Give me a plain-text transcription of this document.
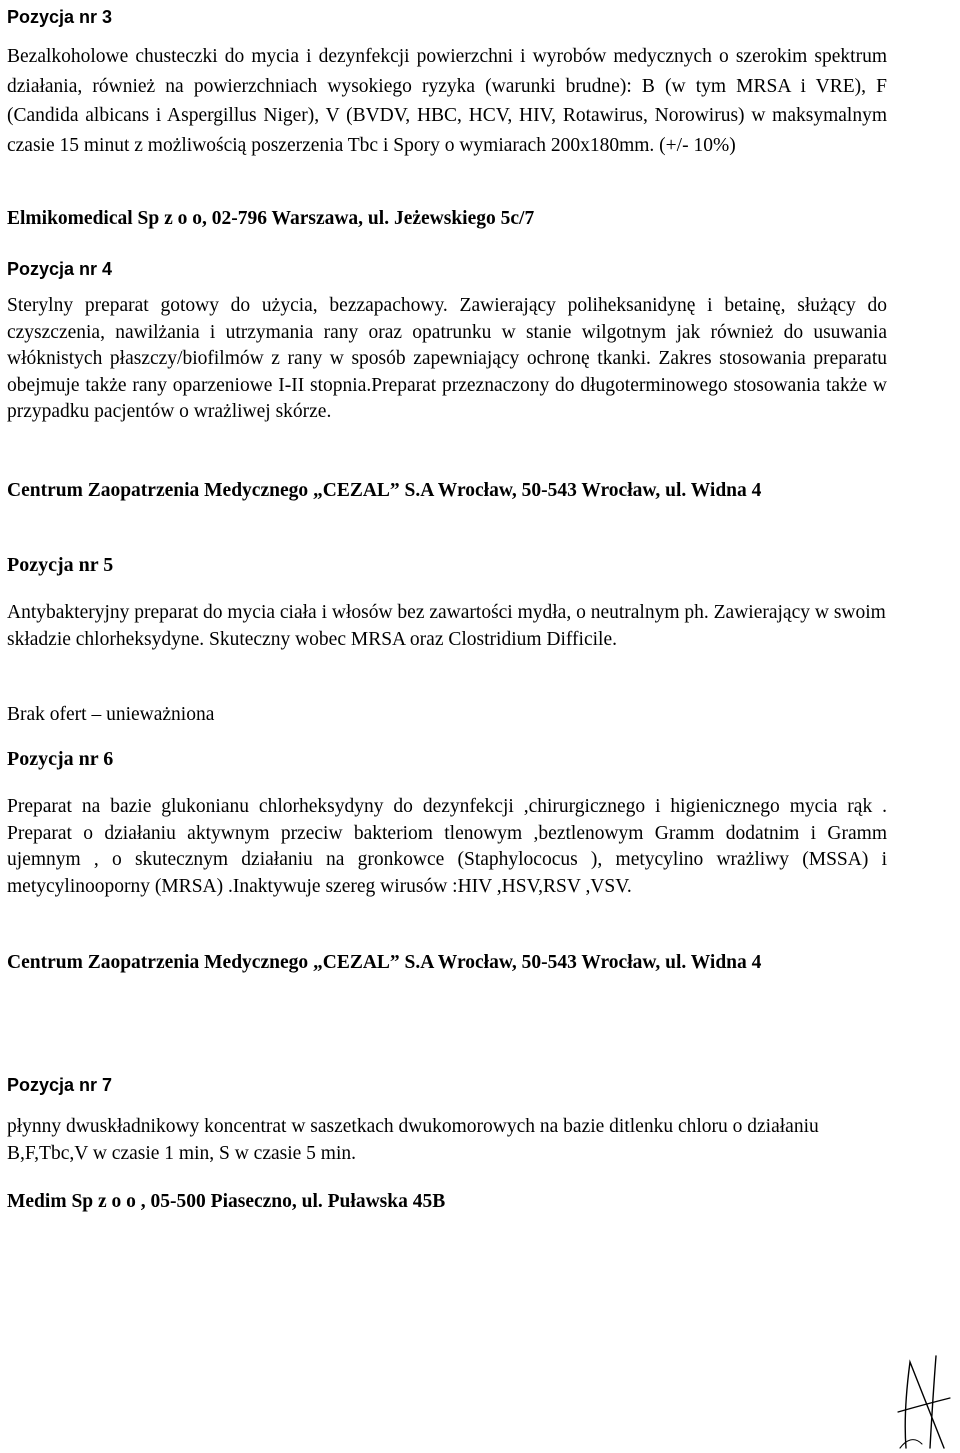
Pozycja nr 3

Bezalkoholowe chusteczki do mycia i dezynfekcji powierzchni i wyrobów medycznych o szerokim spektrum działania, również na powierzchniach wysokiego ryzyka (warunki brudne): B (w tym MRSA i VRE), F (Candida albicans i Aspergillus Niger), V (BVDV, HBC, HCV, HIV, Rotawirus, Norowirus) w maksymalnym czasie 15 minut z możliwością poszerzenia Tbc i Spory o wymiarach 200x180mm. (+/- 10%)

Elmikomedical Sp z o o, 02-796 Warszawa, ul. Jeżewskiego 5c/7
Pozycja nr 4

Sterylny preparat gotowy do użycia, bezzapachowy. Zawierający poliheksanidynę i betainę, służący do czyszczenia, nawilżania i utrzymania rany oraz opatrunku w stanie wilgotnym jak również do usuwania włóknistych płaszczy/biofilmów z rany w sposób zapewniający ochronę tkanki. Zakres stosowania preparatu obejmuje także rany oparzeniowe I-II stopnia.Preparat przeznaczony do długoterminowego stosowania także w przypadku pacjentów o wrażliwej skórze.

Centrum Zaopatrzenia Medycznego „CEZAL” S.A Wrocław, 50-543 Wrocław, ul. Widna 4
Pozycja nr 5

Antybakteryjny preparat do mycia ciała i włosów bez zawartości mydła, o neutralnym ph. Zawierający w swoim składzie chlorheksydyne. Skuteczny wobec MRSA oraz Clostridium Difficile.

Brak ofert – unieważniona
Pozycja nr 6

Preparat na bazie glukonianu chlorheksydyny do dezynfekcji ,chirurgicznego i higienicznego mycia rąk . Preparat o działaniu aktywnym przeciw bakteriom tlenowym ,beztlenowym Gramm dodatnim i Gramm ujemnym , o skutecznym działaniu na gronkowce (Staphylococus ), metycylino wrażliwy (MSSA) i metycylinooporny (MRSA) .Inaktywuje szereg wirusów :HIV ,HSV,RSV ,VSV.

Centrum Zaopatrzenia Medycznego „CEZAL” S.A Wrocław, 50-543 Wrocław, ul. Widna 4
Pozycja nr 7

płynny dwuskładnikowy koncentrat w saszetkach dwukomorowych na bazie ditlenku chloru o działaniu B,F,Tbc,V w czasie 1 min, S w czasie 5 min.

Medim Sp z o o , 05-500 Piaseczno, ul. Puławska 45B
